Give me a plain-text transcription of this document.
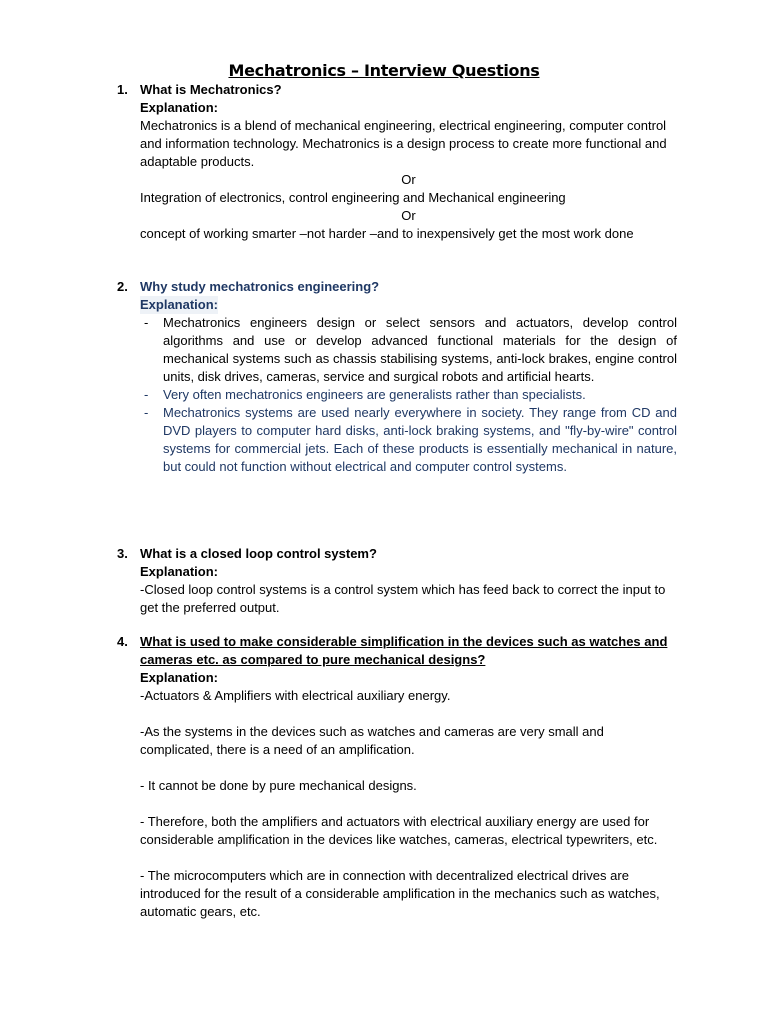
Mechatronics – Interview Questions
1. What is Mechatronics?

Explanation:

Mechatronics is a blend of mechanical engineering, electrical engineering, computer control and information technology. Mechatronics is a design process to create more functional and adaptable products.

Or

Integration of electronics, control engineering and Mechanical engineering

Or

concept of working smarter –not harder –and to inexpensively get the most work done

2. Why study mechatronics engineering?

Explanation:

- Mechatronics engineers design or select sensors and actuators, develop control algorithms and use or develop advanced functional materials for the design of mechanical systems such as chassis stabilising systems, anti-lock brakes, engine control units, disk drives, cameras, service and surgical robots and artificial hearts.
- Very often mechatronics engineers are generalists rather than specialists.
- Mechatronics systems are used nearly everywhere in society. They range from CD and DVD players to computer hard disks, anti-lock braking systems, and "fly-by-wire" control systems for commercial jets. Each of these products is essentially mechanical in nature, but could not function without electrical and computer control systems.
3. What is a closed loop control system?

Explanation:

-Closed loop control systems is a control system which has feed back to correct the input to get the preferred output.

4. What is used to make considerable simplification in the devices such as watches and cameras etc. as compared to pure mechanical designs?

Explanation:

-Actuators & Amplifiers with electrical auxiliary energy.

-As the systems in the devices such as watches and cameras are very small and complicated, there is a need of an amplification.

- It cannot be done by pure mechanical designs.

- Therefore, both the amplifiers and actuators with electrical auxiliary energy are used for considerable amplification in the devices like watches, cameras, electrical typewriters, etc.

- The microcomputers which are in connection with decentralized electrical drives are introduced for the result of a considerable amplification in the mechanics such as watches, automatic gears, etc.
